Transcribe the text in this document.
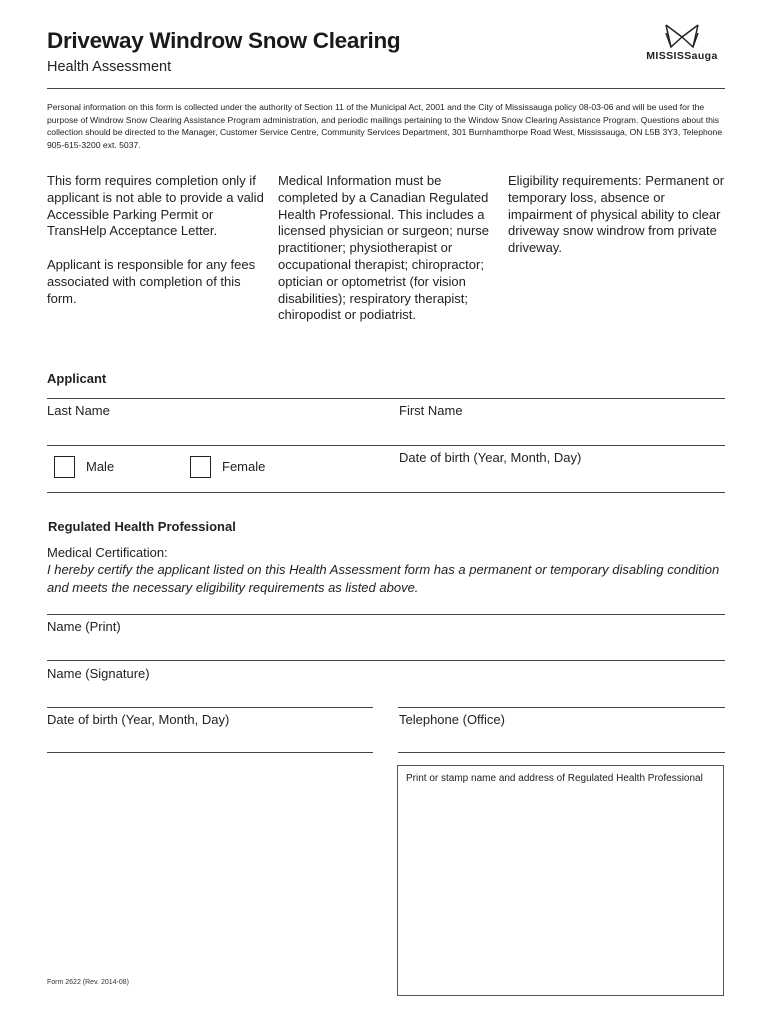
Driveway Windrow Snow Clearing
Health Assessment
MISSISSauga
Personal information on this form is collected under the authority of Section 11 of the Municipal Act, 2001 and the City of Mississauga policy 08-03-06 and will be used for the purpose of Windrow Snow Clearing Assistance Program administration, and periodic mailings pertaining to the Window Snow Clearing Assistance Program. Questions about this collection should be directed to the Manager, Customer Service Centre, Community Services Department, 301 Burnhamthorpe Road West, Mississauga, ON L5B 3Y3, Telephone 905-615-3200 ext. 5037.

This form requires completion only if applicant is not able to provide a valid Accessible Parking Permit or TransHelp Acceptance Letter.

Applicant is responsible for any fees associated with completion of this form.

Medical Information must be completed by a Canadian Regulated Health Professional. This includes a licensed physician or surgeon; nurse practitioner; physiotherapist or occupational therapist; chiropractor; optician or optometrist (for vision disabilities); respiratory therapist; chiropodist or podiatrist.

Eligibility requirements: Permanent or temporary loss, absence or impairment of physical ability to clear driveway snow windrow from private driveway.

Applicant
Last Name	First Name
Male	Female
Date of birth (Year, Month, Day)
Regulated Health Professional
Medical Certification:
I hereby certify the applicant listed on this Health Assessment form has a permanent or temporary disabling condition and meets the necessary eligibility requirements as listed above.
Name (Print)
Name (Signature)
Date of birth (Year, Month, Day)	Telephone (Office)
Print or stamp name and address of Regulated Health Professional
Form 2622 (Rev. 2014-08)
